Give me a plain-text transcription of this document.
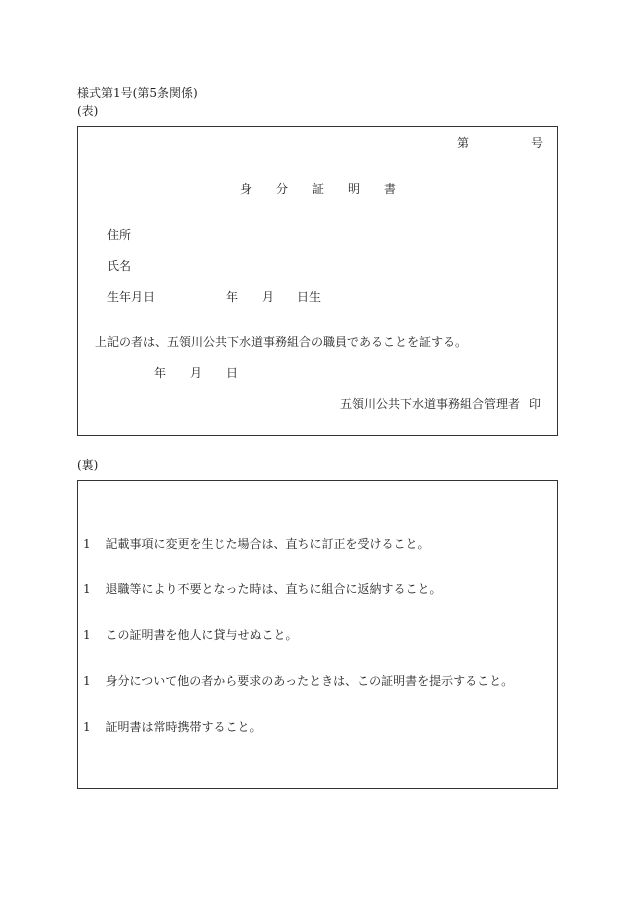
様式第1号(第5条関係)
(表)
第	号
身 分 証 明 書
住所
氏名
生年月日	年 月 日生
上記の者は、五領川公共下水道事務組合の職員であることを証する。
年 月 日
五領川公共下水道事務組合管理者 印
(裏)
1 記載事項に変更を生じた場合は、直ちに訂正を受けること。
1 退職等により不要となった時は、直ちに組合に返納すること。
1 この証明書を他人に貸与せぬこと。
1 身分について他の者から要求のあったときは、この証明書を提示すること。
1 証明書は常時携帯すること。
